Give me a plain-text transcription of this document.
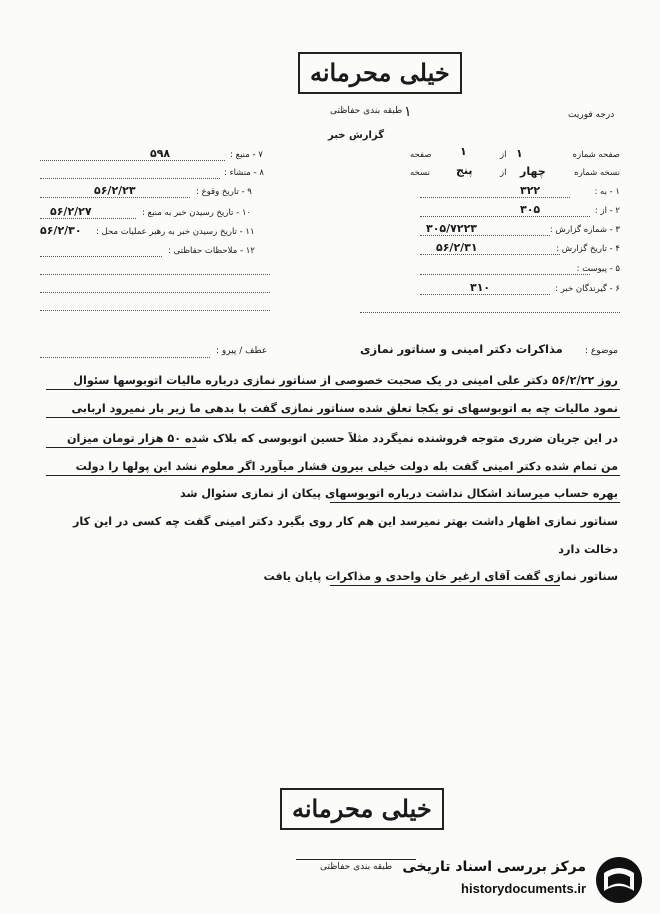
خیلی محرمانه
طبقه بندی حفاظتی ۱	درجه فوریت
گزارش خبر
صفحه شماره
۱
از
۱
صفحه
نسخه شماره
چهار
از
پنج
نسخه
۱ - به :
۳۲۲
۲ - از :
۳۰۵
۳ - شماره گزارش :
۳۰۵/۷۲۲۳
۴ - تاریخ گزارش :
۵۶/۲/۳۱
۵ - پیوست :
۶ - گیرندگان خبر :
۳۱۰
۷ - منبع :
۵۹۸
۸ - منشاء :
۹ - تاریخ وقوع :
۵۶/۲/۲۳
۱۰ - تاریخ رسیدن خبر به منبع :
۵۶/۲/۲۷
۱۱ - تاریخ رسیدن خبر به رهبر عملیات محل :
۵۶/۲/۳۰
۱۲ - ملاحظات حفاظتی :
موضوع :
مذاکرات دکتر امینی و سناتور نمازی
عطف / پیرو :
روز ۵۶/۲/۲۲ دکتر علی امینی در یک صحبت خصوصی از سناتور نمازی درباره مالیات اتوبوسها سئوال
نمود مالیات چه به اتوبوسهای تو یکجا تعلق شده سناتور نمازی گفت با بدهی ما زیر بار نمیرود اربابی
در این جریان ضرری متوجه فروشنده نمیگردد مثلاً حسین اتوبوسی که بلاک شده ۵۰ هزار تومان میزان
من تمام شده دکتر امینی گفت بله دولت خیلی بیرون فشار میآورد اگر معلوم نشد این پولها را دولت
بهره حساب میرساند اشکال نداشت درباره اتوبوسهای پیکان از نمازی سئوال شد
سناتور نمازی اظهار داشت بهتر نمیرسد این هم کار روی بگیرد دکتر امینی گفت چه کسی در این کار
دخالت دارد
سناتور نمازی گفت آقای ارغیر خان واحدی و مذاکرات پایان یافت
خیلی محرمانه
طبقه بندی حفاظتی مرکز بررسی اسناد تاریخی
historydocuments.ir
